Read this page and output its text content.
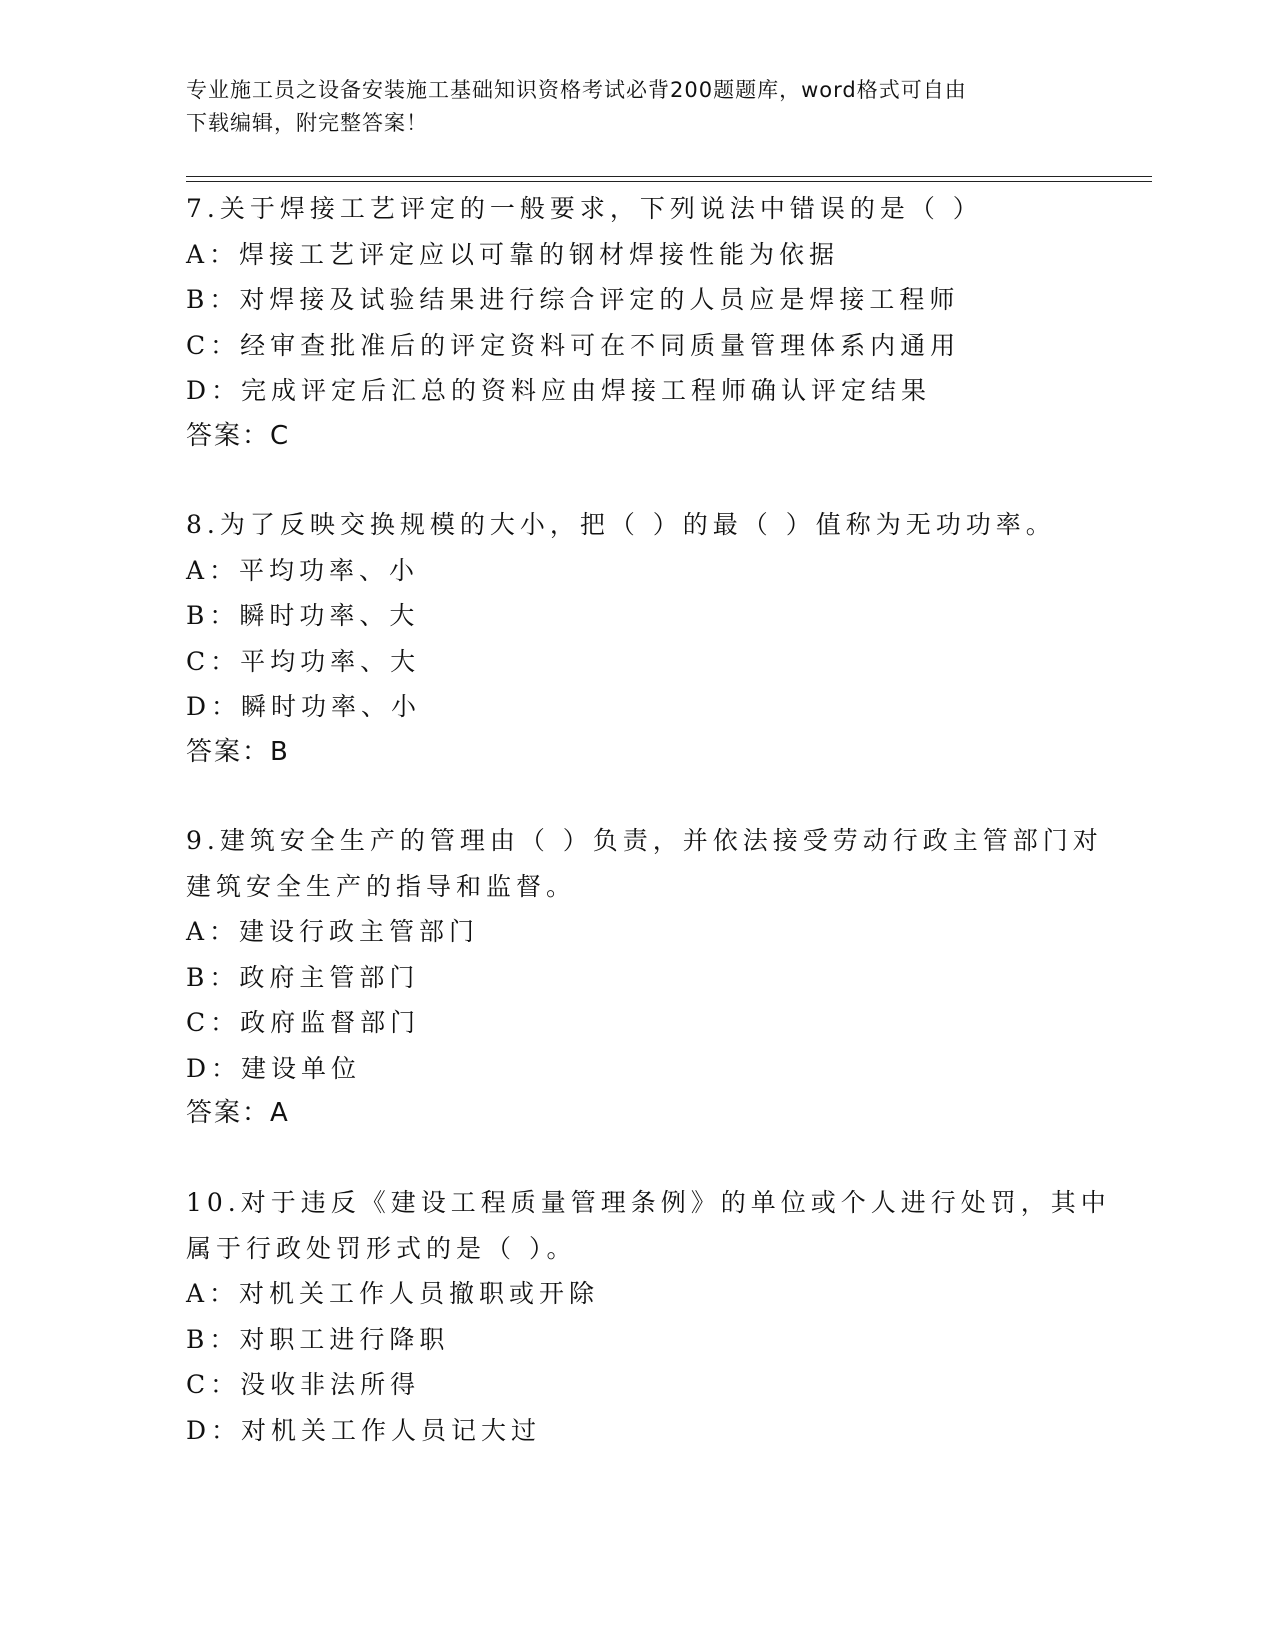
专业施工员之设备安装施工基础知识资格考试必背200题题库，word格式可自由
下载编辑，附完整答案！
7.关于焊接工艺评定的一般要求，下列说法中错误的是（ ）
A：焊接工艺评定应以可靠的钢材焊接性能为依据
B：对焊接及试验结果进行综合评定的人员应是焊接工程师
C：经审查批准后的评定资料可在不同质量管理体系内通用
D：完成评定后汇总的资料应由焊接工程师确认评定结果
答案：C
8.为了反映交换规模的大小，把（ ）的最（ ）值称为无功功率。
A：平均功率、小
B：瞬时功率、大
C：平均功率、大
D：瞬时功率、小
答案：B
9.建筑安全生产的管理由（ ）负责，并依法接受劳动行政主管部门对
建筑安全生产的指导和监督。
A：建设行政主管部门
B：政府主管部门
C：政府监督部门
D：建设单位
答案：A
10.对于违反《建设工程质量管理条例》的单位或个人进行处罚，其中
属于行政处罚形式的是（ ）。
A：对机关工作人员撤职或开除
B：对职工进行降职
C：没收非法所得
D：对机关工作人员记大过
